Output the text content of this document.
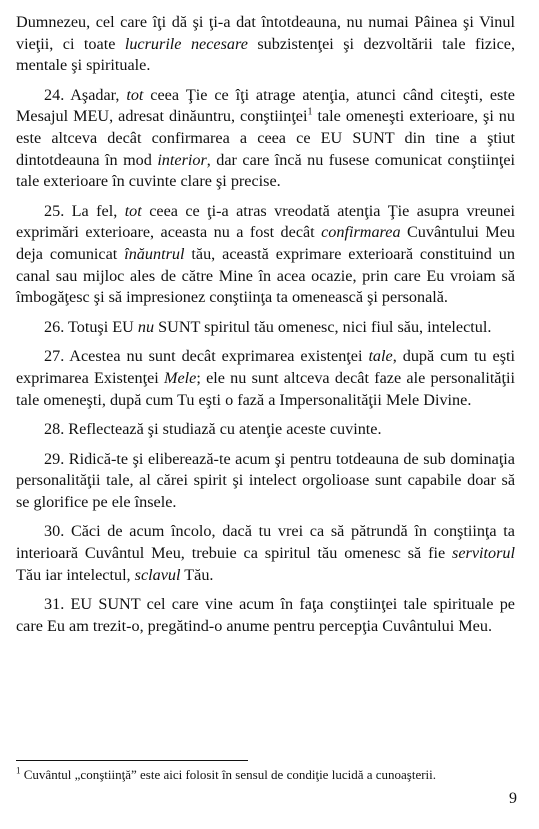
Dumnezeu, cel care îţi dă şi ţi-a dat întotdeauna, nu numai Pâinea şi Vinul vieţii, ci toate lucrurile necesare subzistenţei şi dezvoltării tale fizice, mentale şi spirituale.

24. Aşadar, tot ceea Ţie ce îţi atrage atenţia, atunci când citeşti, este Mesajul MEU, adresat dinăuntru, conştiinţei$^1$ tale omeneşti exterioare, şi nu este altceva decât confirmarea a ceea ce EU SUNT din tine a ştiut dintotdeauna în mod interior, dar care încă nu fusese comunicat conştiinţei tale exterioare în cuvinte clare şi precise.

25. La fel, tot ceea ce ţi-a atras vreodată atenţia Ţie asupra vreunei exprimări exterioare, aceasta nu a fost decât confirmarea Cuvântului Meu deja comunicat înăuntrul tău, această exprimare exterioară constituind un canal sau mijloc ales de către Mine în acea ocazie, prin care Eu vroiam să îmbogăţesc şi să impresionez conştiinţa ta omenească şi personală.

26. Totuşi EU nu SUNT spiritul tău omenesc, nici fiul său, intelectul.

27. Acestea nu sunt decât exprimarea existenţei tale, după cum tu eşti exprimarea Existenţei Mele; ele nu sunt altceva decât faze ale personalităţii tale omeneşti, după cum Tu eşti o fază a Impersonalităţii Mele Divine.

28. Reflectează şi studiază cu atenţie aceste cuvinte.

29. Ridică-te şi eliberează-te acum şi pentru totdeauna de sub dominaţia personalităţii tale, al cărei spirit şi intelect orgolioase sunt capabile doar să se glorifice pe ele însele.

30. Căci de acum încolo, dacă tu vrei ca să pătrundă în conştiinţa ta interioară Cuvântul Meu, trebuie ca spiritul tău omenesc să fie servitorul Tău iar intelectul, sclavul Tău.

31. EU SUNT cel care vine acum în faţa conştiinţei tale spirituale pe care Eu am trezit-o, pregătind-o anume pentru percepţia Cuvântului Meu.

$^1$ Cuvântul „conştiinţă” este aici folosit în sensul de condiţie lucidă a cunoaşterii.
9
